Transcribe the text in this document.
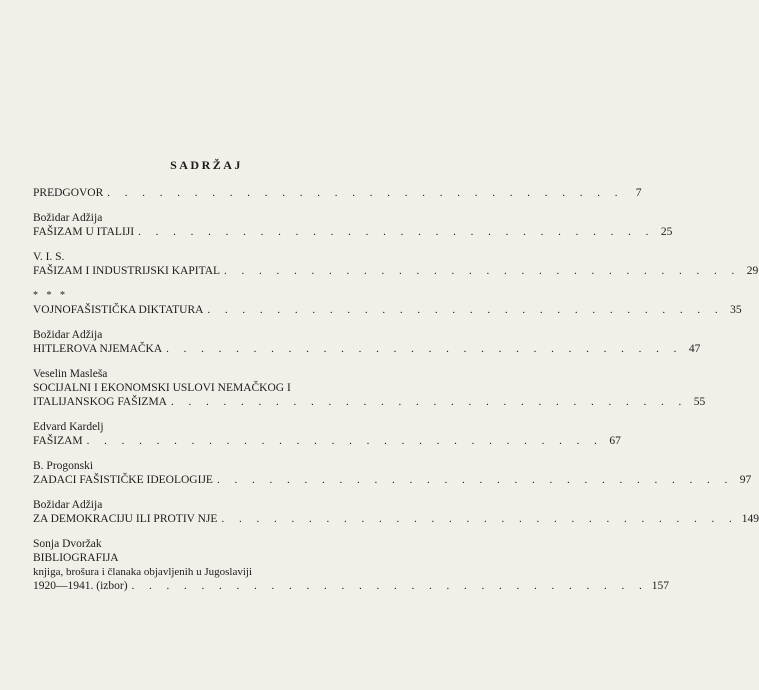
SADRŽAJ
PREDGOVOR . . . . . . . . . . . . . . . . . . . . . . . . . . . . . .	7
Božidar Adžija
FAŠIZAM U ITALIJI . . . . . . . . . . . . . . . . . . . . . . . . . . . . . . 25
V. I. S.
FAŠIZAM I INDUSTRIJSKI KAPITAL . . . . . . . . . . . . . . . . . . . . . . . . . . . . . . 29
* * *
VOJNOFAŠISTIČKA DIKTATURA . . . . . . . . . . . . . . . . . . . . . . . . . . . . . . 35
Božidar Adžija
HITLEROVA NJEMAČKA . . . . . . . . . . . . . . . . . . . . . . . . . . . . . . 47
Veselin Masleša
SOCIJALNI I EKONOMSKI USLOVI NEMAČKOG I
ITALIJANSKOG FAŠIZMA . . . . . . . . . . . . . . . . . . . . . . . . . . . . . . 55
Edvard Kardelj
FAŠIZAM . . . . . . . . . . . . . . . . . . . . . . . . . . . . . . 67
B. Progonski
ZADACI FAŠISTIČKE IDEOLOGIJE . . . . . . . . . . . . . . . . . . . . . . . . . . . . . . 97
Božidar Adžija
ZA DEMOKRACIJU ILI PROTIV NJE . . . . . . . . . . . . . . . . . . . . . . . . . . . . . . 149
Sonja Dvoržak
BIBLIOGRAFIJA
knjiga, brošura i članaka objavljenih u Jugoslaviji
1920—1941. (izbor) . . . . . . . . . . . . . . . . . . . . . . . . . . . . . . 157
